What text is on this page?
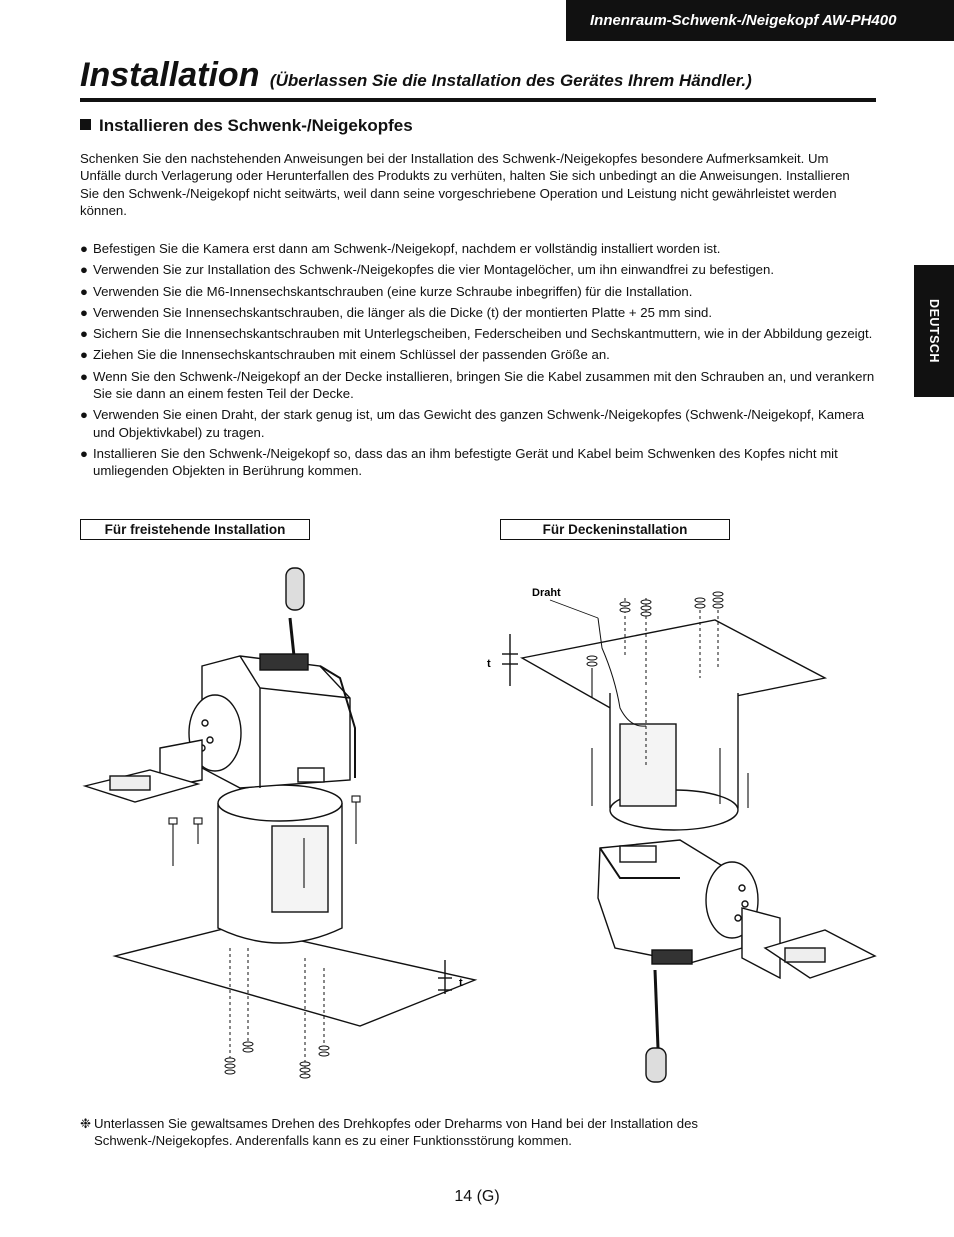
Innenraum-Schwenk-/Neigekopf AW-PH400
Installation (Überlassen Sie die Installation des Gerätes Ihrem Händler.)
Installieren des Schwenk-/Neigekopfes

Schenken Sie den nachstehenden Anweisungen bei der Installation des Schwenk-/Neigekopfes besondere Aufmerksamkeit. Um Unfälle durch Verlagerung oder Herunterfallen des Produkts zu verhüten, halten Sie sich unbedingt an die Anweisungen. Installieren Sie den Schwenk-/Neigekopf nicht seitwärts, weil dann seine vorgeschriebene Operation und Leistung nicht gewährleistet werden können.

● Befestigen Sie die Kamera erst dann am Schwenk-/Neigekopf, nachdem er vollständig installiert worden ist.
● Verwenden Sie zur Installation des Schwenk-/Neigekopfes die vier Montagelöcher, um ihn einwandfrei zu befestigen.
● Verwenden Sie die M6-Innensechskantschrauben (eine kurze Schraube inbegriffen) für die Installation.
● Verwenden Sie Innensechskantschrauben, die länger als die Dicke (t) der montierten Platte + 25 mm sind.
● Sichern Sie die Innensechskantschrauben mit Unterlegscheiben, Federscheiben und Sechskantmuttern, wie in der Abbildung gezeigt.
● Ziehen Sie die Innensechskantschrauben mit einem Schlüssel der passenden Größe an.
● Wenn Sie den Schwenk-/Neigekopf an der Decke installieren, bringen Sie die Kabel zusammen mit den Schrauben an, und verankern Sie sie dann an einem festen Teil der Decke.
● Verwenden Sie einen Draht, der stark genug ist, um das Gewicht des ganzen Schwenk-/Neigekopfes (Schwenk-/Neigekopf, Kamera und Objektivkabel) zu tragen.
● Installieren Sie den Schwenk-/Neigekopf so, dass das an ihm befestigte Gerät und Kabel beim Schwenken des Kopfes nicht mit umliegenden Objekten in Berührung kommen.
DEUTSCH
Für freistehende Installation	Für Deckeninstallation
t
Draht
t
❉ Unterlassen Sie gewaltsames Drehen des Drehkopfes oder Dreharms von Hand bei der Installation des Schwenk-/Neigekopfes. Anderenfalls kann es zu einer Funktionsstörung kommen.
14 (G)
